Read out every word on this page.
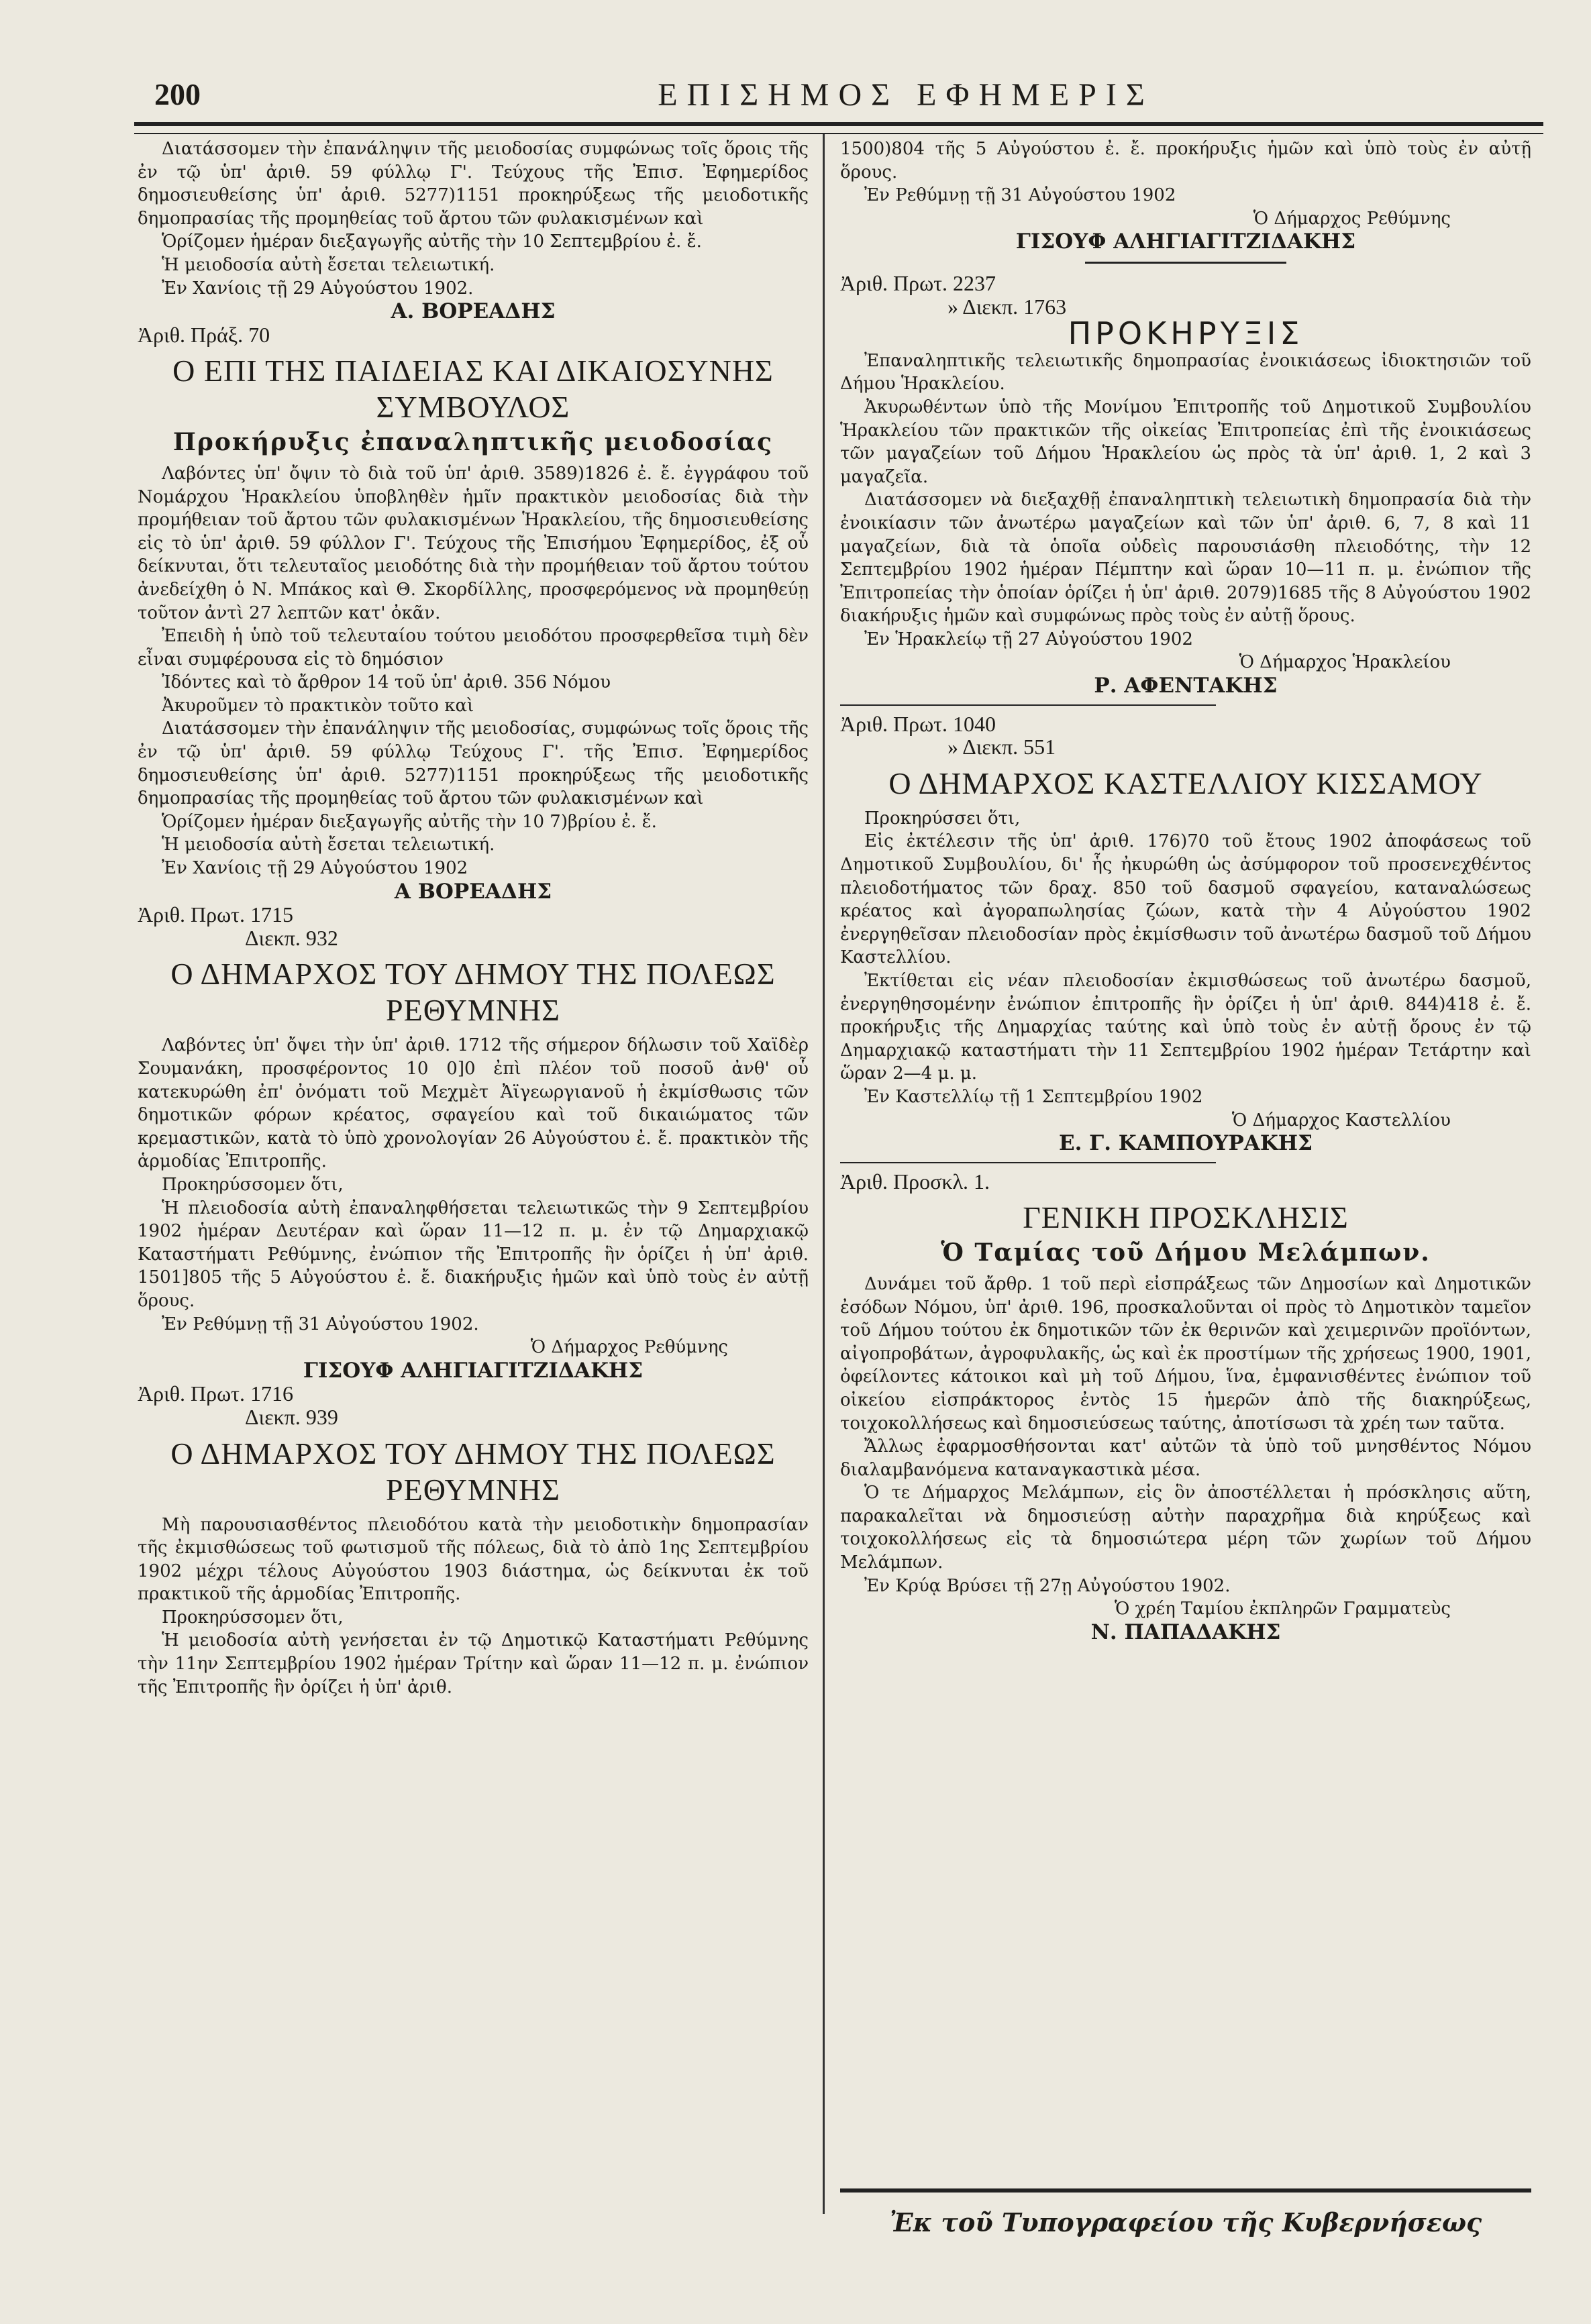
200	ΕΠΙΣΗΜΟΣ ΕΦΗΜΕΡΙΣ

Διατάσσομεν τὴν ἐπανάληψιν τῆς μειοδοσίας συμφώνως τοῖς ὅροις τῆς ἐν τῷ ὑπ' ἀριθ. 59 φύλλῳ Γ'. Τεύχους τῆς Ἐπισ. Ἐφημερίδος δημοσιευθείσης ὑπ' ἀριθ. 5277)1151 προκηρύξεως τῆς μειοδοτικῆς δημοπρασίας τῆς προμηθείας τοῦ ἄρτου τῶν φυλακισμένων καὶ

Ὁρίζομεν ἡμέραν διεξαγωγῆς αὐτῆς τὴν 10 Σεπτεμβρίου ἐ. ἔ.

Ἡ μειοδοσία αὐτὴ ἔσεται τελειωτική.

Ἐν Χανίοις τῇ 29 Αὐγούστου 1902.

Α. ΒΟΡΕΑΔΗΣ

Ἀριθ. Πράξ. 70

Ο ΕΠΙ ΤΗΣ ΠΑΙΔΕΙΑΣ ΚΑΙ ΔΙΚΑΙΟΣΥΝΗΣ ΣΥΜΒΟΥΛΟΣ
Προκήρυξις ἐπαναληπτικῆς μειοδοσίας

Λαβόντες ὑπ' ὄψιν τὸ διὰ τοῦ ὑπ' ἀριθ. 3589)1826 ἐ. ἔ. ἐγγράφου τοῦ Νομάρχου Ἡρακλείου ὑποβληθὲν ἡμῖν πρακτικὸν μειοδοσίας διὰ τὴν προμήθειαν τοῦ ἄρτου τῶν φυλακισμένων Ἡρακλείου, τῆς δημοσιευθείσης εἰς τὸ ὑπ' ἀριθ. 59 φύλλον Γ'. Τεύχους τῆς Ἐπισήμου Ἐφημερίδος, ἐξ οὗ δείκνυται, ὅτι τελευταῖος μειοδότης διὰ τὴν προμήθειαν τοῦ ἄρτου τούτου ἀνεδείχθη ὁ Ν. Μπάκος καὶ Θ. Σκορδίλλης, προσφερόμενος νὰ προμηθεύῃ τοῦτον ἀντὶ 27 λεπτῶν κατ' ὀκᾶν.

Ἐπειδὴ ἡ ὑπὸ τοῦ τελευταίου τούτου μειοδότου προσφερθεῖσα τιμὴ δὲν εἶναι συμφέρουσα εἰς τὸ δημόσιον

Ἰδόντες καὶ τὸ ἄρθρον 14 τοῦ ὑπ' ἀριθ. 356 Νόμου

Ἀκυροῦμεν τὸ πρακτικὸν τοῦτο καὶ

Διατάσσομεν τὴν ἐπανάληψιν τῆς μειοδοσίας, συμφώνως τοῖς ὅροις τῆς ἐν τῷ ὑπ' ἀριθ. 59 φύλλῳ Τεύχους Γ'. τῆς Ἐπισ. Ἐφημερίδος δημοσιευθείσης ὑπ' ἀριθ. 5277)1151 προκηρύξεως τῆς μειοδοτικῆς δημοπρασίας τῆς προμηθείας τοῦ ἄρτου τῶν φυλακισμένων καὶ

Ὁρίζομεν ἡμέραν διεξαγωγῆς αὐτῆς τὴν 10 7)βρίου ἐ. ἔ.

Ἡ μειοδοσία αὐτὴ ἔσεται τελειωτική.

Ἐν Χανίοις τῇ 29 Αὐγούστου 1902

Α ΒΟΡΕΑΔΗΣ

Ἀριθ. Πρωτ. 1715

Διεκπ. 932

Ο ΔΗΜΑΡΧΟΣ ΤΟΥ ΔΗΜΟΥ ΤΗΣ ΠΟΛΕΩΣ ΡΕΘΥΜΝΗΣ

Λαβόντες ὑπ' ὄψει τὴν ὑπ' ἀριθ. 1712 τῆς σήμερον δήλωσιν τοῦ Χαϊδὲρ Σουμανάκη, προσφέροντος 10 0]0 ἐπὶ πλέον τοῦ ποσοῦ ἀνθ' οὗ κατεκυρώθη ἐπ' ὀνόματι τοῦ Μεχμὲτ Ἀϊγεωργιανοῦ ἡ ἐκμίσθωσις τῶν δημοτικῶν φόρων κρέατος, σφαγείου καὶ τοῦ δικαιώματος τῶν κρεμαστικῶν, κατὰ τὸ ὑπὸ χρονολογίαν 26 Αὐγούστου ἐ. ἔ. πρακτικὸν τῆς ἁρμοδίας Ἐπιτροπῆς.

Προκηρύσσομεν ὅτι,

Ἡ πλειοδοσία αὐτὴ ἐπαναληφθήσεται τελειωτικῶς τὴν 9 Σεπτεμβρίου 1902 ἡμέραν Δευτέραν καὶ ὥραν 11—12 π. μ. ἐν τῷ Δημαρχιακῷ Καταστήματι Ρεθύμνης, ἐνώπιον τῆς Ἐπιτροπῆς ἣν ὁρίζει ἡ ὑπ' ἀριθ. 1501]805 τῆς 5 Αὐγούστου ἐ. ἔ. διακήρυξις ἡμῶν καὶ ὑπὸ τοὺς ἐν αὐτῇ ὅρους.

Ἐν Ρεθύμνῃ τῇ 31 Αὐγούστου 1902.

Ὁ Δήμαρχος Ρεθύμνης

ΓΙΣΟΥΦ ΑΛΗΓΙΑΓΙΤΖΙΔΑΚΗΣ

Ἀριθ. Πρωτ. 1716

Διεκπ. 939

Ο ΔΗΜΑΡΧΟΣ ΤΟΥ ΔΗΜΟΥ ΤΗΣ ΠΟΛΕΩΣ ΡΕΘΥΜΝΗΣ

Μὴ παρουσιασθέντος πλειοδότου κατὰ τὴν μειοδοτικὴν δημοπρασίαν τῆς ἐκμισθώσεως τοῦ φωτισμοῦ τῆς πόλεως, διὰ τὸ ἀπὸ 1ης Σεπτεμβρίου 1902 μέχρι τέλους Αὐγούστου 1903 διάστημα, ὡς δείκνυται ἐκ τοῦ πρακτικοῦ τῆς ἁρμοδίας Ἐπιτροπῆς.

Προκηρύσσομεν ὅτι,

Ἡ μειοδοσία αὐτὴ γενήσεται ἐν τῷ Δημοτικῷ Καταστήματι Ρεθύμνης τὴν 11ην Σεπτεμβρίου 1902 ἡμέραν Τρίτην καὶ ὥραν 11—12 π. μ. ἐνώπιον τῆς Ἐπιτροπῆς ἣν ὁρίζει ἡ ὑπ' ἀριθ.

1500)804 τῆς 5 Αὐγούστου ἐ. ἔ. προκήρυξις ἡμῶν καὶ ὑπὸ τοὺς ἐν αὐτῇ ὅρους.

Ἐν Ρεθύμνῃ τῇ 31 Αὐγούστου 1902

Ὁ Δήμαρχος Ρεθύμνης

ΓΙΣΟΥΦ ΑΛΗΓΙΑΓΙΤΖΙΔΑΚΗΣ

Ἀριθ. Πρωτ. 2237

» Διεκπ. 1763

ΠΡΟΚΗΡΥΞΙΣ

Ἐπαναληπτικῆς τελειωτικῆς δημοπρασίας ἐνοικιάσεως ἰδιοκτησιῶν τοῦ Δήμου Ἡρακλείου.

Ἀκυρωθέντων ὑπὸ τῆς Μονίμου Ἐπιτροπῆς τοῦ Δημοτικοῦ Συμβουλίου Ἡρακλείου τῶν πρακτικῶν τῆς οἰκείας Ἐπιτροπείας ἐπὶ τῆς ἐνοικιάσεως τῶν μαγαζείων τοῦ Δήμου Ἡρακλείου ὡς πρὸς τὰ ὑπ' ἀριθ. 1, 2 καὶ 3 μαγαζεῖα.

Διατάσσομεν νὰ διεξαχθῇ ἐπαναληπτικὴ τελειωτικὴ δημοπρασία διὰ τὴν ἐνοικίασιν τῶν ἀνωτέρω μαγαζείων καὶ τῶν ὑπ' ἀριθ. 6, 7, 8 καὶ 11 μαγαζείων, διὰ τὰ ὁποῖα οὐδεὶς παρουσιάσθη πλειοδότης, τὴν 12 Σεπτεμβρίου 1902 ἡμέραν Πέμπτην καὶ ὥραν 10—11 π. μ. ἐνώπιον τῆς Ἐπιτροπείας τὴν ὁποίαν ὁρίζει ἡ ὑπ' ἀριθ. 2079)1685 τῆς 8 Αὐγούστου 1902 διακήρυξις ἡμῶν καὶ συμφώνως πρὸς τοὺς ἐν αὐτῇ ὅρους.

Ἐν Ἡρακλείῳ τῇ 27 Αὐγούστου 1902

Ὁ Δήμαρχος Ἡρακλείου

Ρ. ΑΦΕΝΤΑΚΗΣ

Ἀριθ. Πρωτ. 1040

» Διεκπ. 551

Ο ΔΗΜΑΡΧΟΣ ΚΑΣΤΕΛΛΙΟΥ ΚΙΣΣΑΜΟΥ

Προκηρύσσει ὅτι,

Εἰς ἐκτέλεσιν τῆς ὑπ' ἀριθ. 176)70 τοῦ ἔτους 1902 ἀποφάσεως τοῦ Δημοτικοῦ Συμβουλίου, δι' ἧς ἠκυρώθη ὡς ἀσύμφορον τοῦ προσενεχθέντος πλειοδοτήματος τῶν δραχ. 850 τοῦ δασμοῦ σφαγείου, καταναλώσεως κρέατος καὶ ἀγοραπωλησίας ζώων, κατὰ τὴν 4 Αὐγούστου 1902 ἐνεργηθεῖσαν πλειοδοσίαν πρὸς ἐκμίσθωσιν τοῦ ἀνωτέρω δασμοῦ τοῦ Δήμου Καστελλίου.

Ἐκτίθεται εἰς νέαν πλειοδοσίαν ἐκμισθώσεως τοῦ ἀνωτέρω δασμοῦ, ἐνεργηθησομένην ἐνώπιον ἐπιτροπῆς ἣν ὁρίζει ἡ ὑπ' ἀριθ. 844)418 ἐ. ἔ. προκήρυξις τῆς Δημαρχίας ταύτης καὶ ὑπὸ τοὺς ἐν αὐτῇ ὅρους ἐν τῷ Δημαρχιακῷ καταστήματι τὴν 11 Σεπτεμβρίου 1902 ἡμέραν Τετάρτην καὶ ὥραν 2—4 μ. μ.

Ἐν Καστελλίῳ τῇ 1 Σεπτεμβρίου 1902

Ὁ Δήμαρχος Καστελλίου

Ε. Γ. ΚΑΜΠΟΥΡΑΚΗΣ

Ἀριθ. Προσκλ. 1.

ΓΕΝΙΚΗ ΠΡΟΣΚΛΗΣΙΣ
Ὁ Ταμίας τοῦ Δήμου Μελάμπων.

Δυνάμει τοῦ ἄρθρ. 1 τοῦ περὶ εἰσπράξεως τῶν Δημοσίων καὶ Δημοτικῶν ἐσόδων Νόμου, ὑπ' ἀριθ. 196, προσκαλοῦνται οἱ πρὸς τὸ Δημοτικὸν ταμεῖον τοῦ Δήμου τούτου ἐκ δημοτικῶν τῶν ἐκ θερινῶν καὶ χειμερινῶν προϊόντων, αἰγοπροβάτων, ἀγροφυλακῆς, ὡς καὶ ἐκ προστίμων τῆς χρήσεως 1900, 1901, ὀφείλοντες κάτοικοι καὶ μὴ τοῦ Δήμου, ἵνα, ἐμφανισθέντες ἐνώπιον τοῦ οἰκείου εἰσπράκτορος ἐντὸς 15 ἡμερῶν ἀπὸ τῆς διακηρύξεως, τοιχοκολλήσεως καὶ δημοσιεύσεως ταύτης, ἀποτίσωσι τὰ χρέη των ταῦτα.

Ἄλλως ἐφαρμοσθήσονται κατ' αὐτῶν τὰ ὑπὸ τοῦ μνησθέντος Νόμου διαλαμβανόμενα καταναγκαστικὰ μέσα.

Ὁ τε Δήμαρχος Μελάμπων, εἰς ὃν ἀποστέλλεται ἡ πρόσκλησις αὕτη, παρακαλεῖται νὰ δημοσιεύσῃ αὐτὴν παραχρῆμα διὰ κηρύξεως καὶ τοιχοκολλήσεως εἰς τὰ δημοσιώτερα μέρη τῶν χωρίων τοῦ Δήμου Μελάμπων.

Ἐν Κρύᾳ Βρύσει τῇ 27ῃ Αὐγούστου 1902.

Ὁ χρέη Ταμίου ἐκπληρῶν Γραμματεὺς

Ν. ΠΑΠΑΔΑΚΗΣ

Ἐκ τοῦ Τυπογραφείου τῆς Κυβερνήσεως
